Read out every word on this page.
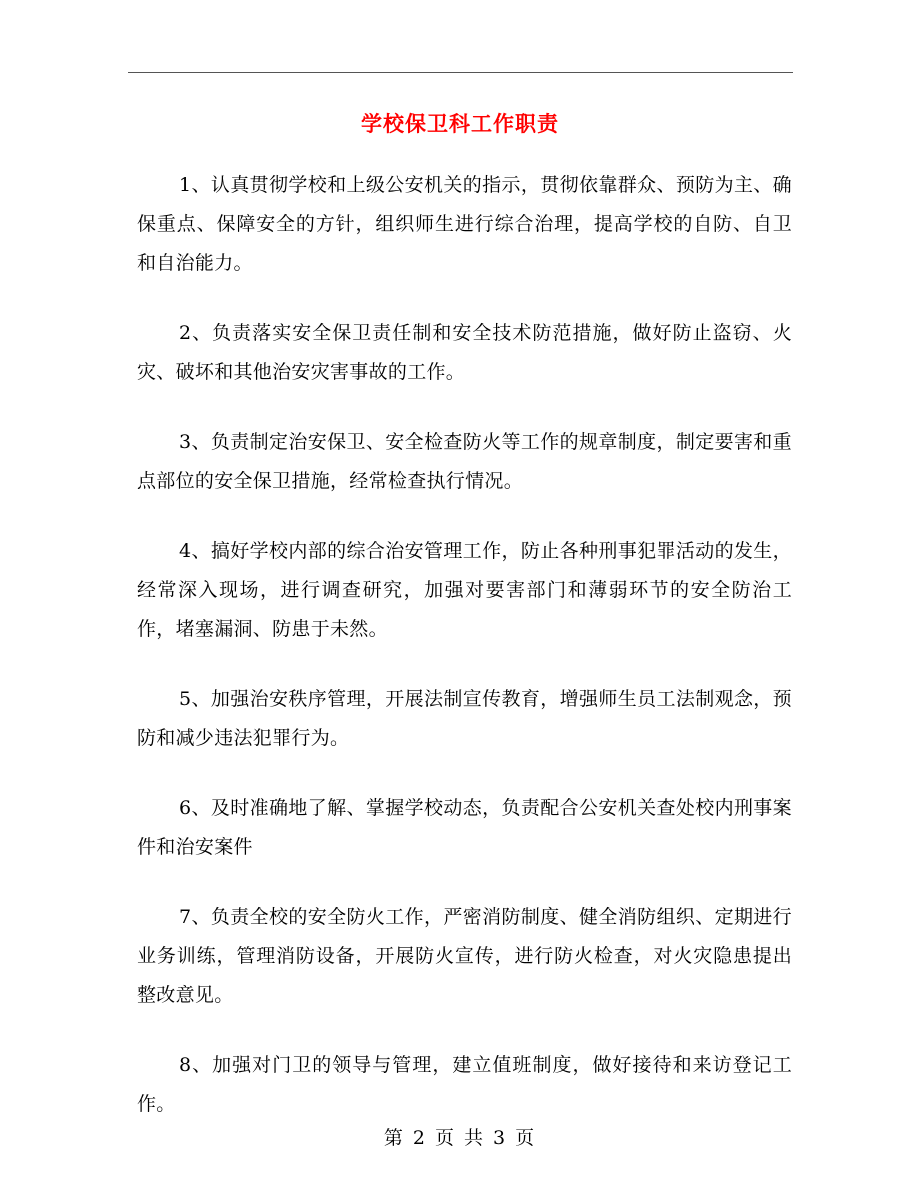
学校保卫科工作职责

1、认真贯彻学校和上级公安机关的指示，贯彻依靠群众、预防为主、确保重点、保障安全的方针，组织师生进行综合治理，提高学校的自防、自卫和自治能力。

2、负责落实安全保卫责任制和安全技术防范措施，做好防止盗窃、火灾、破坏和其他治安灾害事故的工作。

3、负责制定治安保卫、安全检查防火等工作的规章制度，制定要害和重点部位的安全保卫措施，经常检查执行情况。

4、搞好学校内部的综合治安管理工作，防止各种刑事犯罪活动的发生，经常深入现场，进行调查研究，加强对要害部门和薄弱环节的安全防治工作，堵塞漏洞、防患于未然。

5、加强治安秩序管理，开展法制宣传教育，增强师生员工法制观念，预防和减少违法犯罪行为。

6、及时准确地了解、掌握学校动态，负责配合公安机关查处校内刑事案件和治安案件

7、负责全校的安全防火工作，严密消防制度、健全消防组织、定期进行业务训练，管理消防设备，开展防火宣传，进行防火检查，对火灾隐患提出整改意见。

8、加强对门卫的领导与管理，建立值班制度，做好接待和来访登记工作。

第 2 页 共 3 页
